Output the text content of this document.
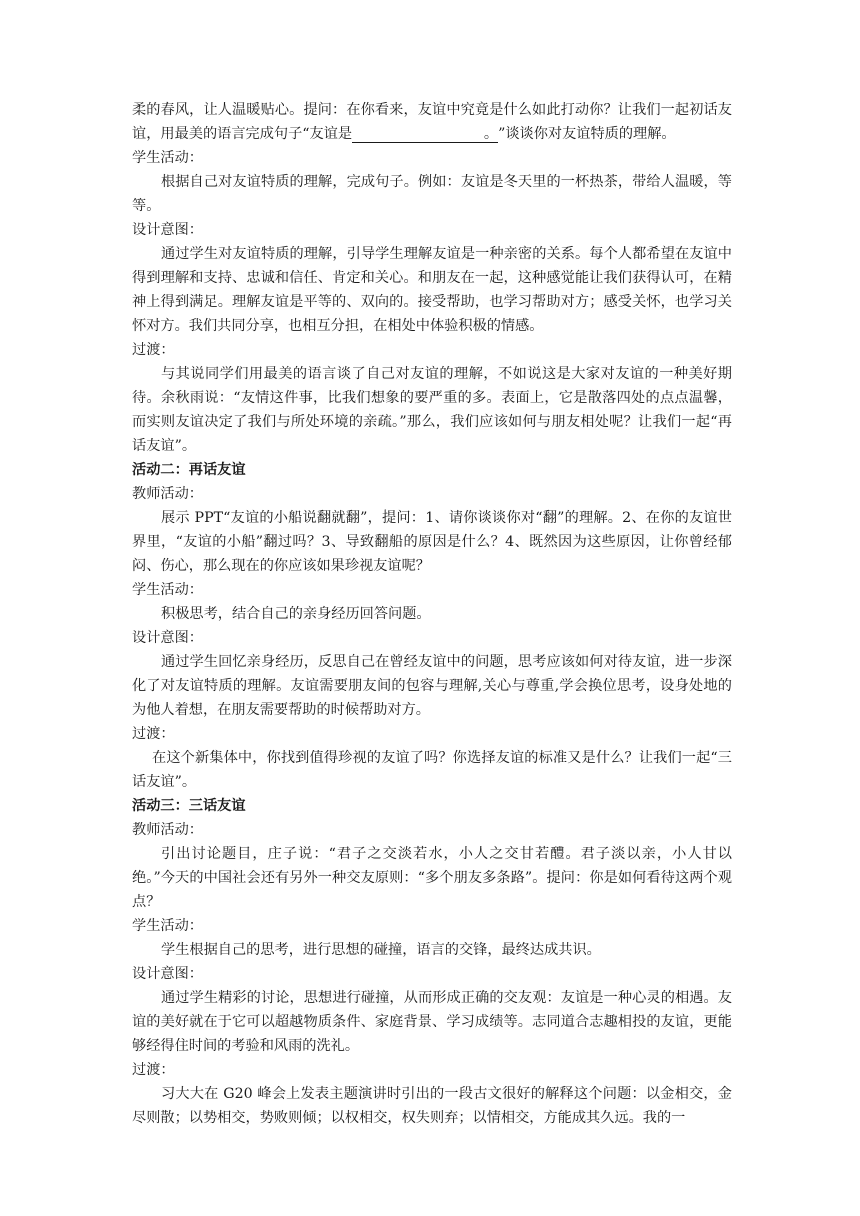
柔的春风，让人温暖贴心。提问：在你看来，友谊中究竟是什么如此打动你？让我们一起初话友谊，用最美的语言完成句子“友谊是	。”谈谈你对友谊特质的理解。

学生活动：

根据自己对友谊特质的理解，完成句子。例如：友谊是冬天里的一杯热茶，带给人温暖，等等。

设计意图：

通过学生对友谊特质的理解，引导学生理解友谊是一种亲密的关系。每个人都希望在友谊中得到理解和支持、忠诚和信任、肯定和关心。和朋友在一起，这种感觉能让我们获得认可，在精神上得到满足。理解友谊是平等的、双向的。接受帮助，也学习帮助对方；感受关怀，也学习关怀对方。我们共同分享，也相互分担，在相处中体验积极的情感。

过渡：

与其说同学们用最美的语言谈了自己对友谊的理解，不如说这是大家对友谊的一种美好期待。余秋雨说：“友情这件事，比我们想象的要严重的多。表面上，它是散落四处的点点温馨，而实则友谊决定了我们与所处环境的亲疏。”那么，我们应该如何与朋友相处呢？让我们一起“再话友谊”。

活动二：再话友谊

教师活动：

展示 PPT“友谊的小船说翻就翻”，提问：1、请你谈谈你对“翻”的理解。2、在你的友谊世界里，“友谊的小船”翻过吗？3、导致翻船的原因是什么？4、既然因为这些原因，让你曾经郁闷、伤心，那么现在的你应该如果珍视友谊呢？

学生活动：

积极思考，结合自己的亲身经历回答问题。

设计意图：

通过学生回忆亲身经历，反思自己在曾经友谊中的问题，思考应该如何对待友谊，进一步深化了对友谊特质的理解。友谊需要朋友间的包容与理解,关心与尊重,学会换位思考，设身处地的为他人着想，在朋友需要帮助的时候帮助对方。

过渡：

在这个新集体中，你找到值得珍视的友谊了吗？你选择友谊的标准又是什么？让我们一起“三话友谊”。

活动三：三话友谊

教师活动：

引出讨论题目，庄子说：“君子之交淡若水，小人之交甘若醴。君子淡以亲，小人甘以绝。”今天的中国社会还有另外一种交友原则：“多个朋友多条路”。提问：你是如何看待这两个观点？

学生活动：

学生根据自己的思考，进行思想的碰撞，语言的交锋，最终达成共识。

设计意图：

通过学生精彩的讨论，思想进行碰撞，从而形成正确的交友观：友谊是一种心灵的相遇。友谊的美好就在于它可以超越物质条件、家庭背景、学习成绩等。志同道合志趣相投的友谊，更能够经得住时间的考验和风雨的洗礼。

过渡：

习大大在 G20 峰会上发表主题演讲时引出的一段古文很好的解释这个问题：以金相交，金尽则散；以势相交，势败则倾；以权相交，权失则弃；以情相交，方能成其久远。我的一
